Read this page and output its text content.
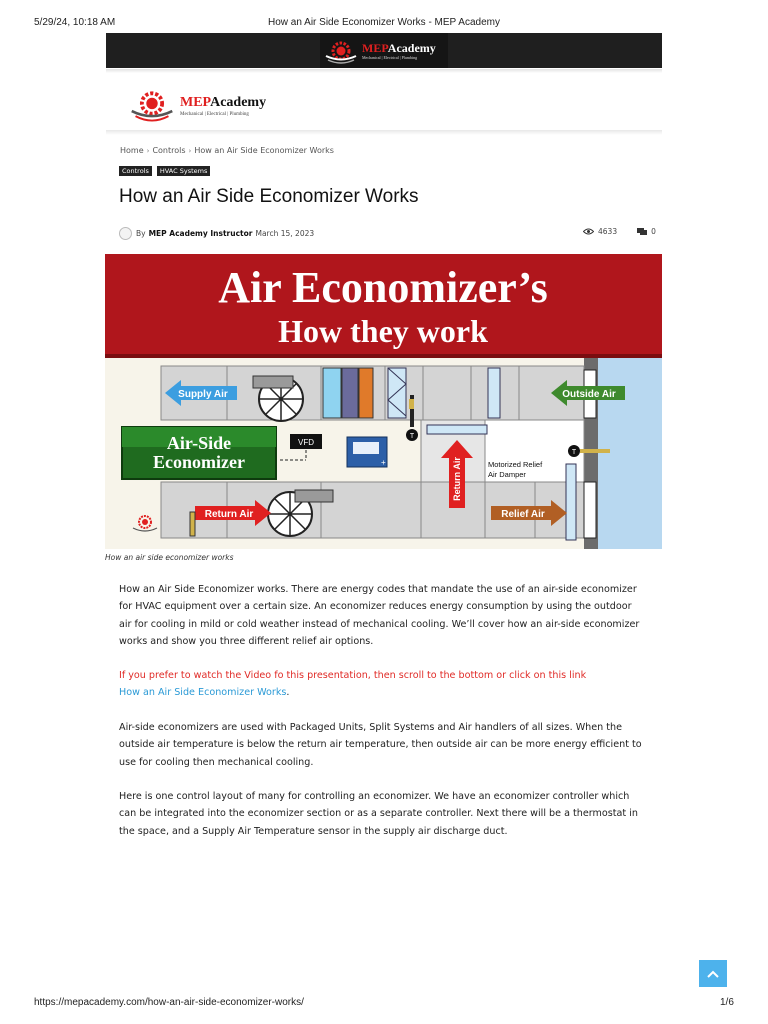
5/29/24, 10:18 AM	How an Air Side Economizer Works - MEP Academy
MEPAcademy
Mechanical | Electrical | Plumbing
MEPAcademy
Mechanical | Electrical | Plumbing
Home › Controls › How an Air Side Economizer Works
Controls	HVAC Systems
How an Air Side Economizer Works
By MEP Academy Instructor March 15, 2023	4633	0
Air Economizer’s
How they work
Supply Air	Outside Air
Return Air	Relief Air
Return Air
Air-Side
Economizer
VFD
+
T
T
Motorized Relief
Air Damper
How an air side economizer works
How an Air Side Economizer works. There are energy codes that mandate the use of an air-side economizer for HVAC equipment over a certain size. An economizer reduces energy consumption by using the outdoor air for cooling in mild or cold weather instead of mechanical cooling. We’ll cover how an air-side economizer works and show you three different relief air options.
If you prefer to watch the Video fo this presentation, then scroll to the bottom or click on this link
How an Air Side Economizer Works.
Air-side economizers are used with Packaged Units, Split Systems and Air handlers of all sizes. When the outside air temperature is below the return air temperature, then outside air can be more energy efficient to use for cooling then mechanical cooling.
Here is one control layout of many for controlling an economizer. We have an economizer controller which can be integrated into the economizer section or as a separate controller. Next there will be a thermostat in the space, and a Supply Air Temperature sensor in the supply air discharge duct.
https://mepacademy.com/how-an-air-side-economizer-works/	1/6
